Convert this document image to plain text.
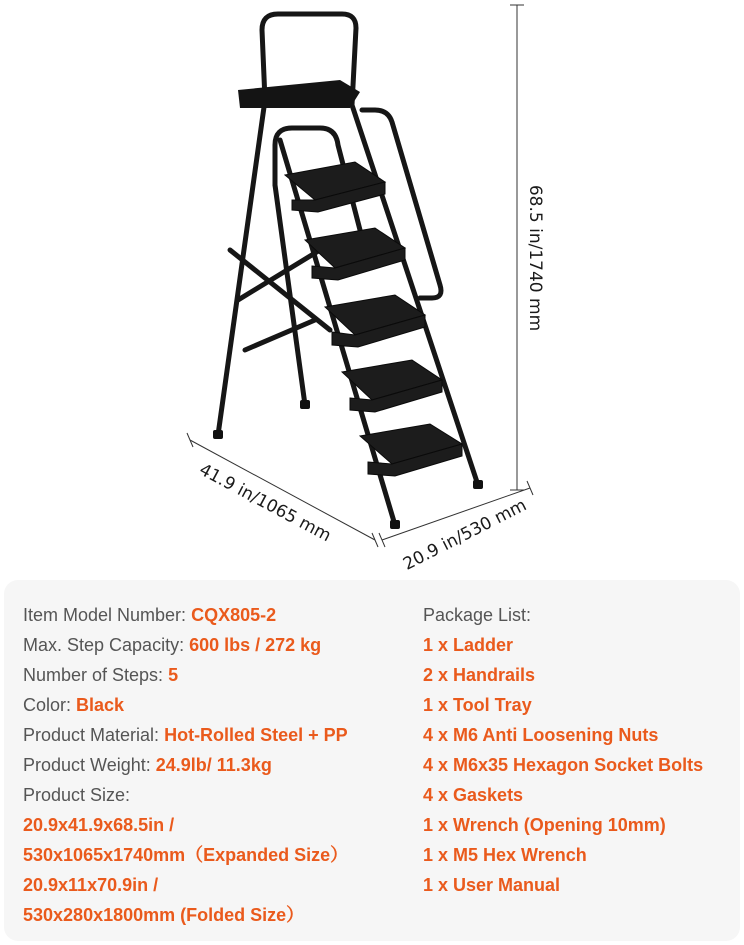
68.5 in/1740 mm
41.9 in/1065 mm	20.9 in/530 mm
Item Model Number: CQX805-2
Max. Step Capacity: 600 lbs / 272 kg
Number of Steps: 5
Color: Black
Product Material: Hot-Rolled Steel + PP
Product Weight: 24.9lb/ 11.3kg
Product Size:
20.9x41.9x68.5in /
530x1065x1740mm（Expanded Size）
20.9x11x70.9in /
530x280x1800mm (Folded Size）
Package List:
1 x Ladder
2 x Handrails
1 x Tool Tray
4 x M6 Anti Loosening Nuts
4 x M6x35 Hexagon Socket Bolts
4 x Gaskets
1 x Wrench (Opening 10mm)
1 x M5 Hex Wrench
1 x User Manual
